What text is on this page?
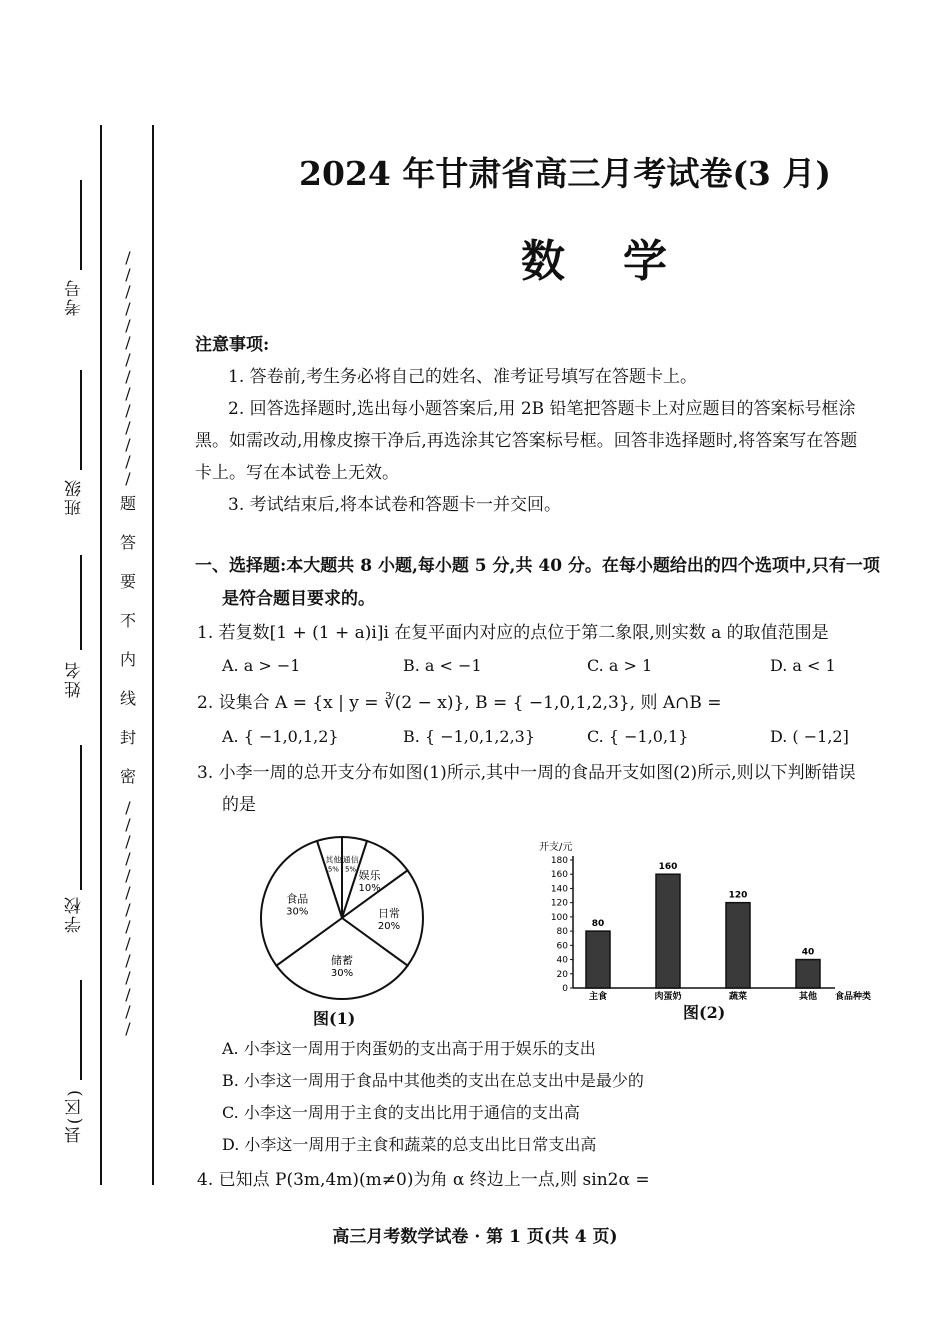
考号
班级
姓名
学校
县(区)
/
/
/
/
/
/
/
/
/
/
/
/
/
/
题
答
要
不
内
线
封
密
/
/
/
/
/
/
/
/
/
/
/
/
/
/
2024 年甘肃省高三月考试卷(3 月)
数学
注意事项:
1. 答卷前,考生务必将自己的姓名、准考证号填写在答题卡上。
2. 回答选择题时,选出每小题答案后,用 2B 铅笔把答题卡上对应题目的答案标号框涂
黑。如需改动,用橡皮擦干净后,再选涂其它答案标号框。回答非选择题时,将答案写在答题
卡上。写在本试卷上无效。
3. 考试结束后,将本试卷和答题卡一并交回。
一、选择题:本大题共 8 小题,每小题 5 分,共 40 分。在每小题给出的四个选项中,只有一项
是符合题目要求的。
1. 若复数[1 + (1 + a)i]i 在复平面内对应的点位于第二象限,则实数 a 的取值范围是
A. a > −1	B. a < −1	C. a > 1	D. a < 1
2. 设集合 A = {x | y = ∛(2 − x)}, B = { −1,0,1,2,3}, 则 A∩B =
A. { −1,0,1,2}	B. { −1,0,1,2,3}	C. { −1,0,1}	D. ( −1,2]
3. 小李一周的总开支分布如图(1)所示,其中一周的食品开支如图(2)所示,则以下判断错误
的是
其他
5%
通信
5% 娱乐
10%
日常
20%
储蓄
30%
食品
30%
图(1)
开支/元
食品种类
0
20
40
60
80
100
120
140
160
180
80
主食
160
肉蛋奶
120
蔬菜
40
其他
图(2)
A. 小李这一周用于肉蛋奶的支出高于用于娱乐的支出
B. 小李这一周用于食品中其他类的支出在总支出中是最少的
C. 小李这一周用于主食的支出比用于通信的支出高
D. 小李这一周用于主食和蔬菜的总支出比日常支出高
4. 已知点 P(3m,4m)(m≠0)为角 α 终边上一点,则 sin2α =
高三月考数学试卷 · 第 1 页(共 4 页)
